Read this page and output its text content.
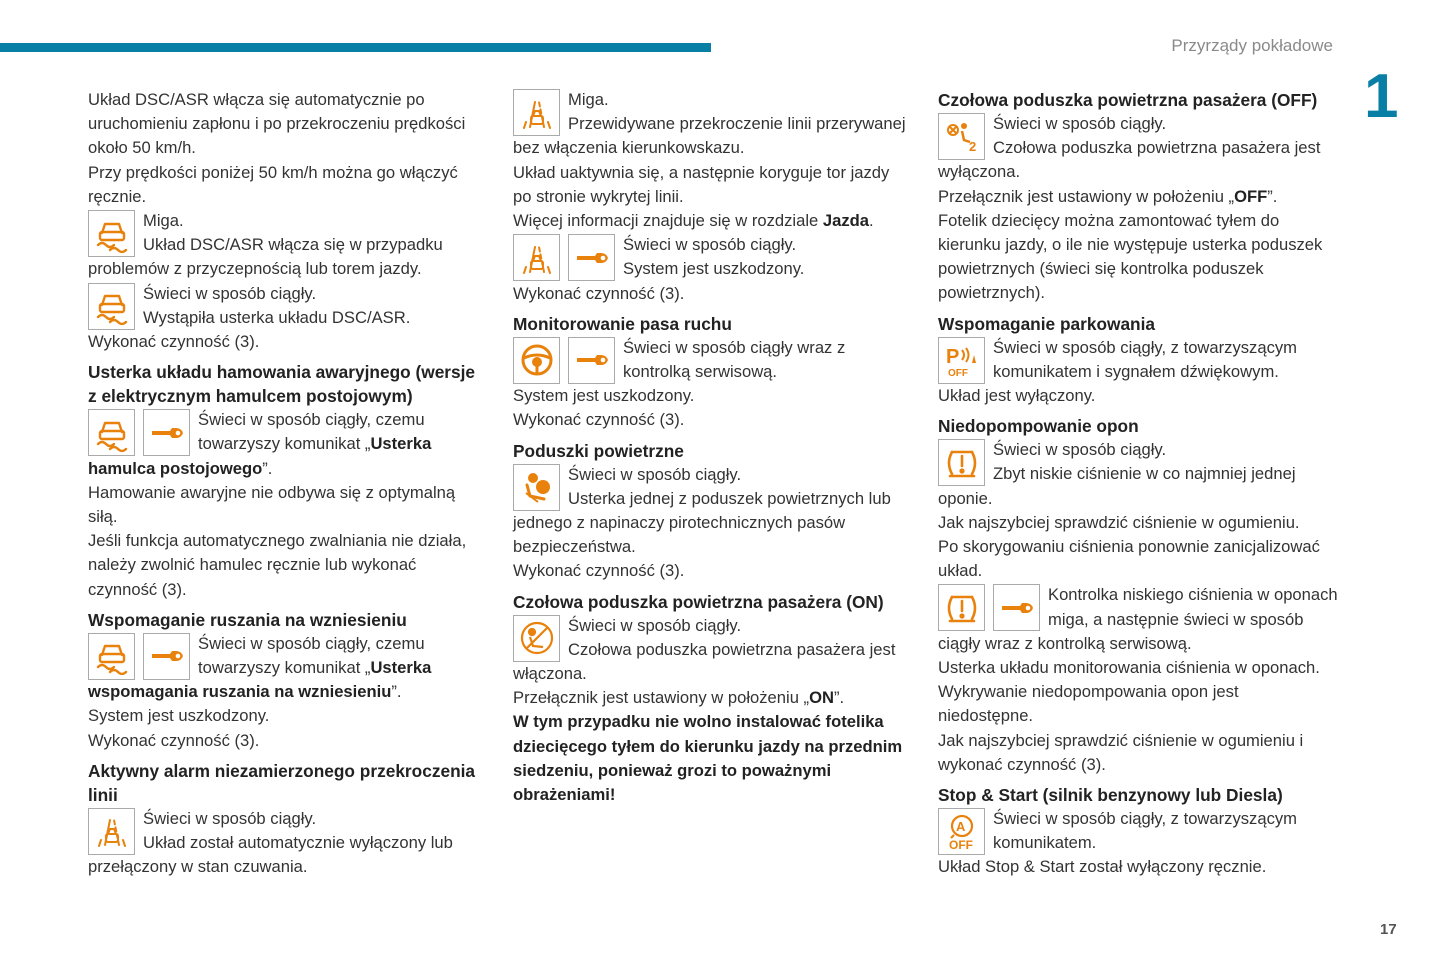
Przyrządy pokładowe
1
17

Układ DSC/ASR włącza się automatycznie po uruchomieniu zapłonu i po przekroczeniu prędkości około 50 km/h.

Przy prędkości poniżej 50 km/h można go włączyć ręcznie.

Miga.

Układ DSC/ASR włącza się w przypadku problemów z przyczepnością lub torem jazdy.

Świeci w sposób ciągły.

Wystąpiła usterka układu DSC/ASR.

Wykonać czynność (3).

Usterka układu hamowania awaryjnego (wersje z elektrycznym hamulcem postojowym)

Świeci w sposób ciągły, czemu towarzyszy komunikat „Usterka hamulca postojowego”.

Hamowanie awaryjne nie odbywa się z optymalną siłą.

Jeśli funkcja automatycznego zwalniania nie działa, należy zwolnić hamulec ręcznie lub wykonać czynność (3).

Wspomaganie ruszania na wzniesieniu

Świeci w sposób ciągły, czemu towarzyszy komunikat „Usterka wspomagania ruszania na wzniesieniu”.

System jest uszkodzony.

Wykonać czynność (3).

Aktywny alarm niezamierzonego przekroczenia linii

Świeci w sposób ciągły.

Układ został automatycznie wyłączony lub przełączony w stan czuwania.

Miga.

Przewidywane przekroczenie linii przerywanej bez włączenia kierunkowskazu.

Układ uaktywnia się, a następnie koryguje tor jazdy po stronie wykrytej linii.

Więcej informacji znajduje się w rozdziale Jazda.

Świeci w sposób ciągły.

System jest uszkodzony.

Wykonać czynność (3).

Monitorowanie pasa ruchu

Świeci w sposób ciągły wraz z kontrolką serwisową.

System jest uszkodzony.

Wykonać czynność (3).

Poduszki powietrzne

Świeci w sposób ciągły.

Usterka jednej z poduszek powietrznych lub jednego z napinaczy pirotechnicznych pasów bezpieczeństwa.

Wykonać czynność (3).

Czołowa poduszka powietrzna pasażera (ON)

Świeci w sposób ciągły.

Czołowa poduszka powietrzna pasażera jest włączona.

Przełącznik jest ustawiony w położeniu „ON”.

W tym przypadku nie wolno instalować fotelika dziecięcego tyłem do kierunku jazdy na przednim siedzeniu, ponieważ grozi to poważnymi obrażeniami!

Czołowa poduszka powietrzna pasażera (OFF)

Świeci w sposób ciągły.

Czołowa poduszka powietrzna pasażera jest wyłączona.

Przełącznik jest ustawiony w położeniu „OFF”.

Fotelik dziecięcy można zamontować tyłem do kierunku jazdy, o ile nie występuje usterka poduszek powietrznych (świeci się kontrolka poduszek powietrznych).

Wspomaganie parkowania
OFF

Świeci w sposób ciągły, z towarzyszącym komunikatem i sygnałem dźwiękowym.

Układ jest wyłączony.

Niedopompowanie opon

Świeci w sposób ciągły.

Zbyt niskie ciśnienie w co najmniej jednej oponie.

Jak najszybciej sprawdzić ciśnienie w ogumieniu.

Po skorygowaniu ciśnienia ponownie zanicjalizować układ.

Kontrolka niskiego ciśnienia w oponach miga, a następnie świeci w sposób ciągły wraz z kontrolką serwisową.

Usterka układu monitorowania ciśnienia w oponach.

Wykrywanie niedopompowania opon jest niedostępne.

Jak najszybciej sprawdzić ciśnienie w ogumieniu i wykonać czynność (3).

Stop & Start (silnik benzynowy lub Diesla)
A
OFF

Świeci w sposób ciągły, z towarzyszącym komunikatem.

Układ Stop & Start został wyłączony ręcznie.
